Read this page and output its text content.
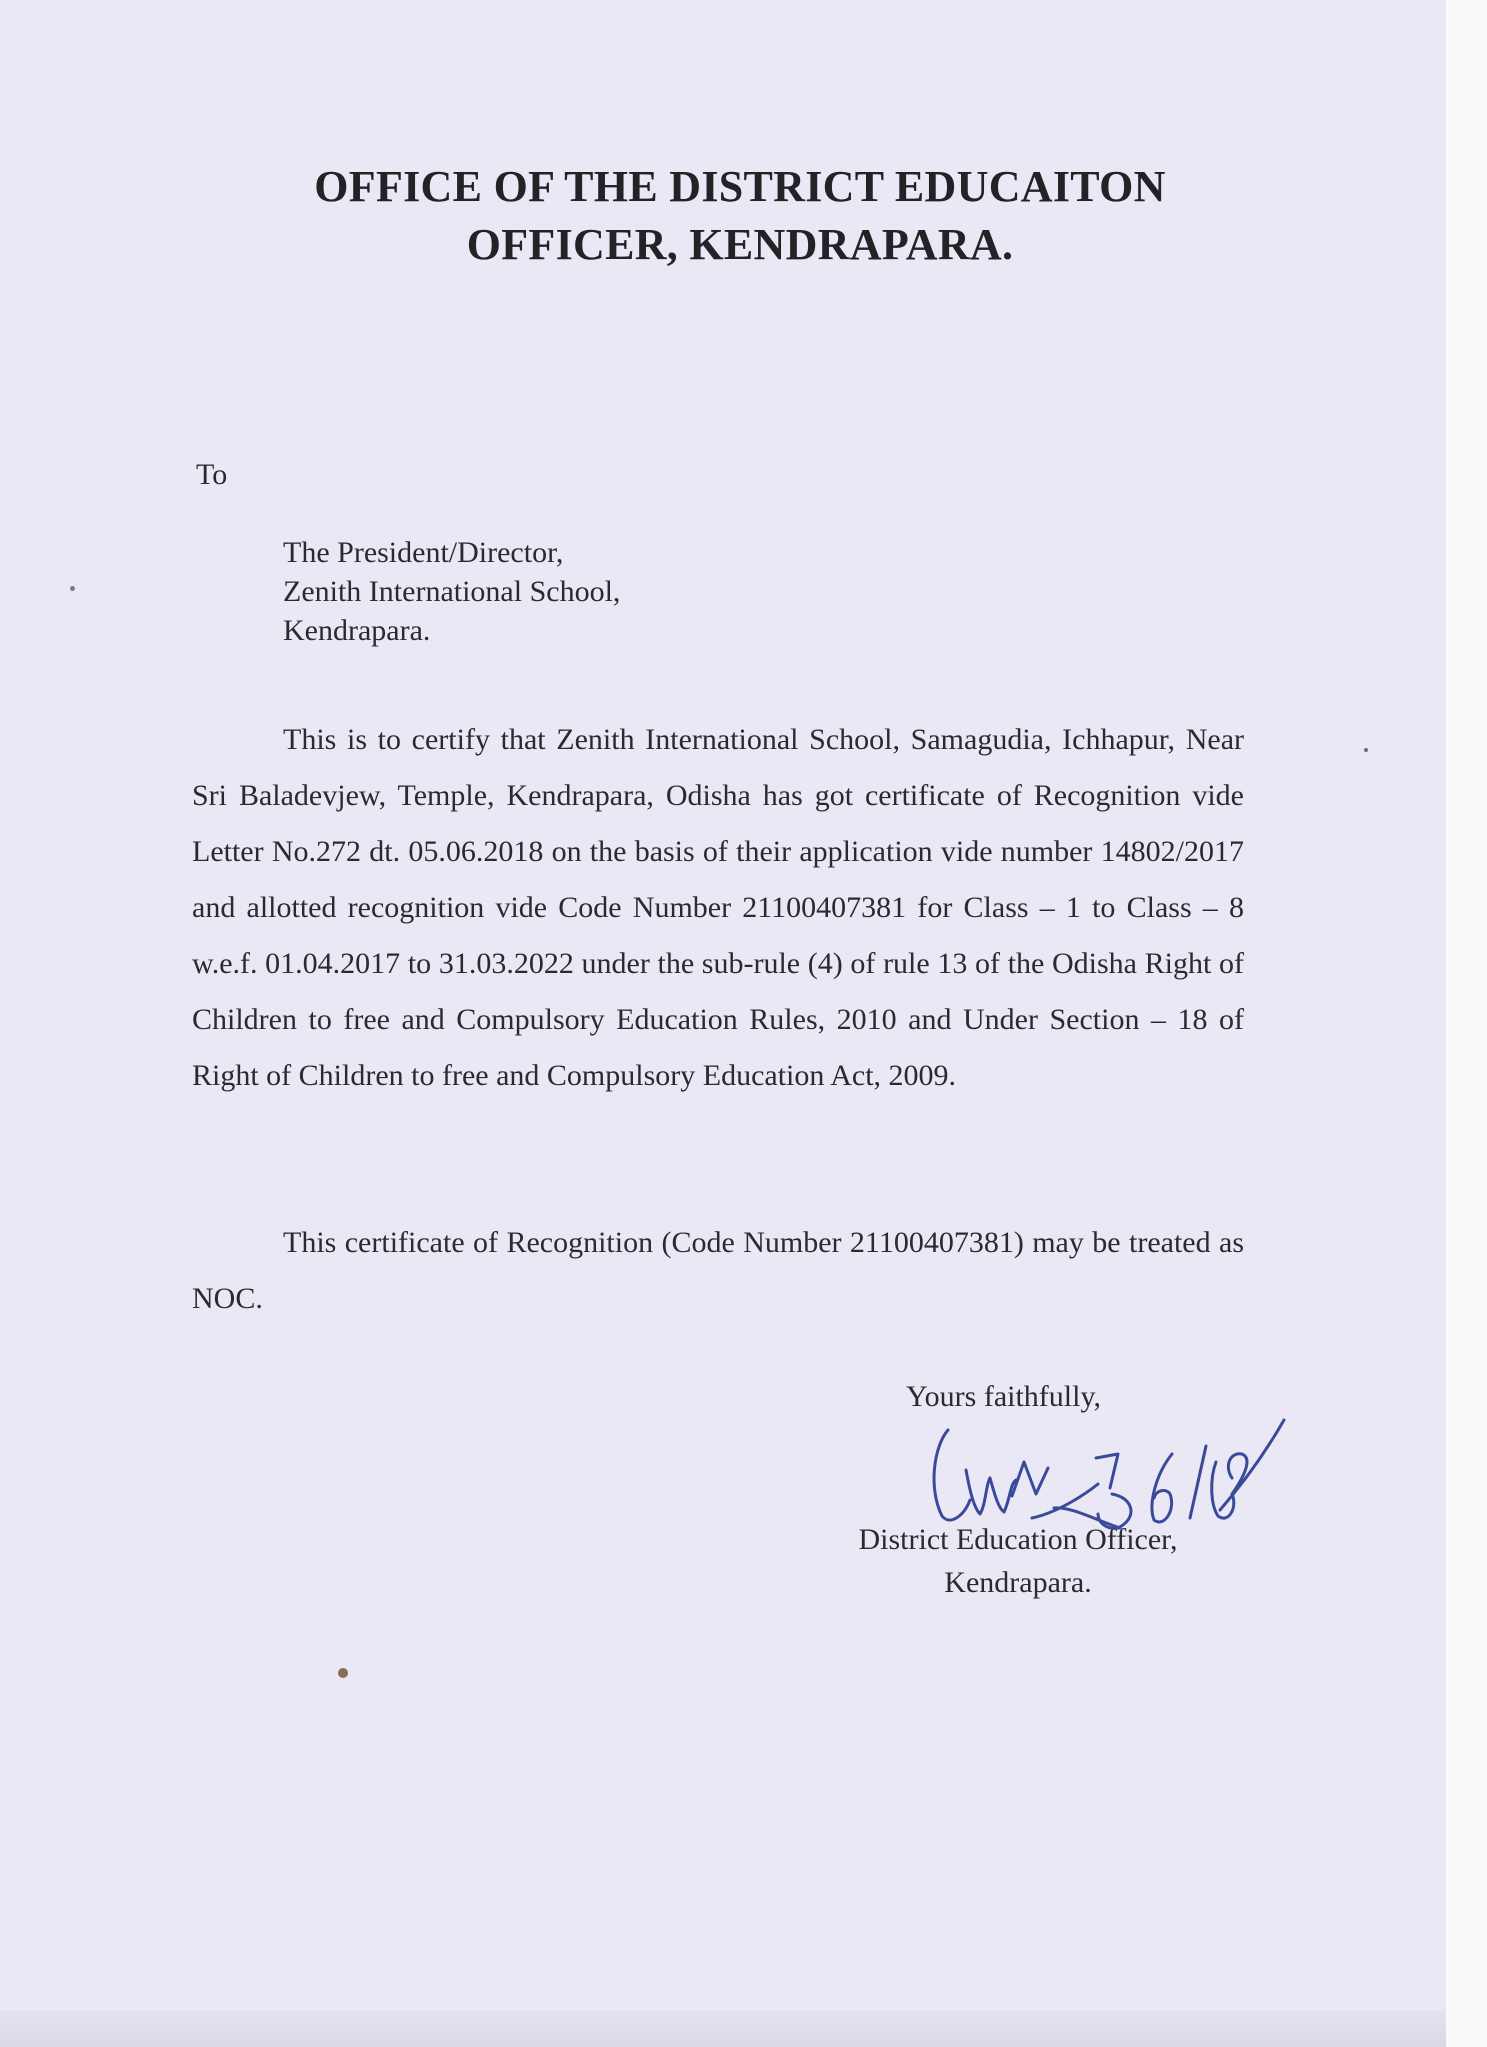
OFFICE OF THE DISTRICT EDUCAITON
OFFICER, KENDRAPARA.
To
The President/Director,
Zenith International School,
Kendrapara.

This is to certify that Zenith International School, Samagudia, Ichhapur, Near Sri Baladevjew, Temple, Kendrapara, Odisha has got certificate of Recognition vide Letter No.272 dt. 05.06.2018 on the basis of their application vide number 14802/2017 and allotted recognition vide Code Number 21100407381 for Class – 1 to Class – 8 w.e.f. 01.04.2017 to 31.03.2022 under the sub-rule (4) of rule 13 of the Odisha Right of Children to free and Compulsory Education Rules, 2010 and Under Section – 18 of Right of Children to free and Compulsory Education Act, 2009.

This certificate of Recognition (Code Number 21100407381) may be treated as NOC.

Yours faithfully,
District Education Officer,
Kendrapara.
